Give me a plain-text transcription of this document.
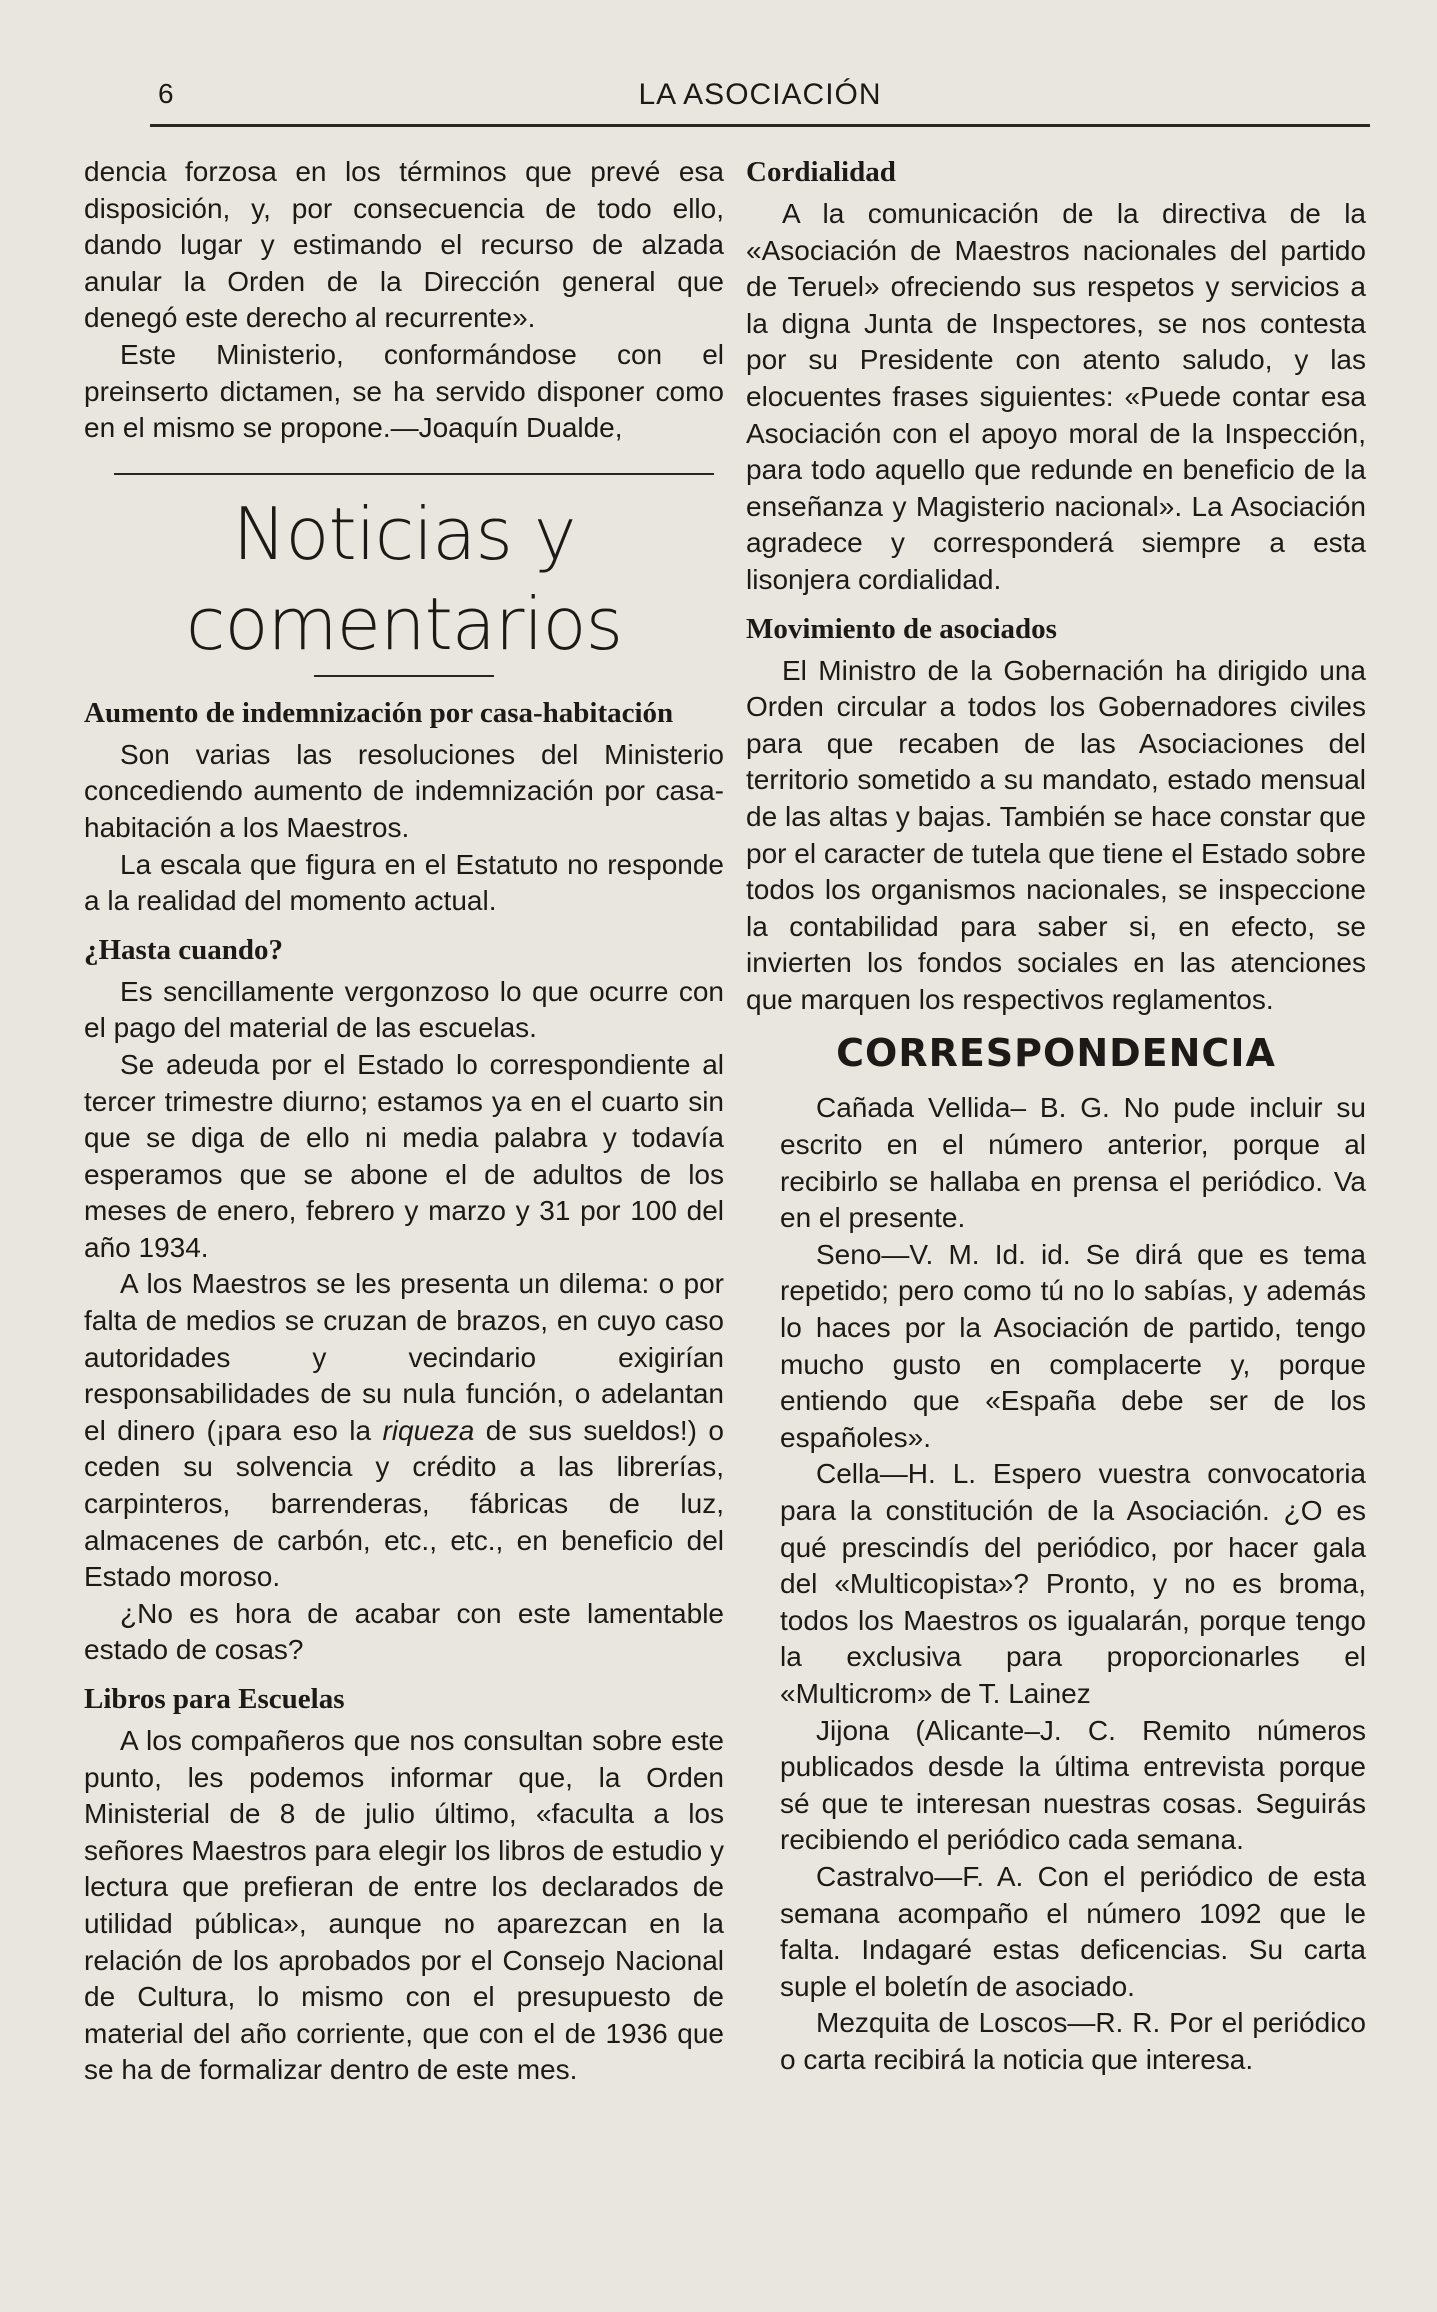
6	LA ASOCIACIÓN

dencia forzosa en los términos que prevé esa disposición, y, por consecuencia de todo ello, dando lugar y estimando el recurso de alzada anular la Orden de la Dirección general que denegó este derecho al recurrente».

Este Ministerio, conformándose con el preinserto dictamen, se ha servido disponer como en el mismo se propone.—Joaquín Dualde,

Noticias y comentarios
Aumento de indemnización por casa-habitación

Son varias las resoluciones del Ministerio concediendo aumento de indemnización por casa-habitación a los Maestros.

La escala que figura en el Estatuto no responde a la realidad del momento actual.

¿Hasta cuando?

Es sencillamente vergonzoso lo que ocurre con el pago del material de las escuelas.

Se adeuda por el Estado lo correspondiente al tercer trimestre diurno; estamos ya en el cuarto sin que se diga de ello ni media palabra y todavía esperamos que se abone el de adultos de los meses de enero, febrero y marzo y 31 por 100 del año 1934.

A los Maestros se les presenta un dilema: o por falta de medios se cruzan de brazos, en cuyo caso autoridades y vecindario exigirían responsabilidades de su nula función, o adelantan el dinero (¡para eso la riqueza de sus sueldos!) o ceden su solvencia y crédito a las librerías, carpinteros, barrenderas, fábricas de luz, almacenes de carbón, etc., etc., en beneficio del Estado moroso.

¿No es hora de acabar con este lamentable estado de cosas?

Libros para Escuelas

A los compañeros que nos consultan sobre este punto, les podemos informar que, la Orden Ministerial de 8 de julio último, «faculta a los señores Maestros para elegir los libros de estudio y lectura que prefieran de entre los declarados de utilidad pública», aunque no aparezcan en la relación de los aprobados por el Consejo Nacional de Cultura, lo mismo con el presupuesto de material del año corriente, que con el de 1936 que se ha de formalizar dentro de este mes.

Cordialidad

A la comunicación de la directiva de la «Asociación de Maestros nacionales del partido de Teruel» ofreciendo sus respetos y servicios a la digna Junta de Inspectores, se nos contesta por su Presidente con atento saludo, y las elocuentes frases siguientes: «Puede contar esa Asociación con el apoyo moral de la Inspección, para todo aquello que redunde en beneficio de la enseñanza y Magisterio nacional». La Asociación agradece y corresponderá siempre a esta lisonjera cordialidad.

Movimiento de asociados

El Ministro de la Gobernación ha dirigido una Orden circular a todos los Gobernadores civiles para que recaben de las Asociaciones del territorio sometido a su mandato, estado mensual de las altas y bajas. También se hace constar que por el caracter de tutela que tiene el Estado sobre todos los organismos nacionales, se inspeccione la contabilidad para saber si, en efecto, se invierten los fondos sociales en las atenciones que marquen los respectivos reglamentos.

CORRESPONDENCIA

Cañada Vellida– B. G. No pude incluir su escrito en el número anterior, porque al recibirlo se hallaba en prensa el periódico. Va en el presente.

Seno—V. M. Id. id. Se dirá que es tema repetido; pero como tú no lo sabías, y además lo haces por la Asociación de partido, tengo mucho gusto en complacerte y, porque entiendo que «España debe ser de los españoles».

Cella—H. L. Espero vuestra convocatoria para la constitución de la Asociación. ¿O es qué prescindís del periódico, por hacer gala del «Multicopista»? Pronto, y no es broma, todos los Maestros os igualarán, porque tengo la exclusiva para proporcionarles el «Multicrom» de T. Lainez

Jijona (Alicante–J. C. Remito números publicados desde la última entrevista porque sé que te interesan nuestras cosas. Seguirás recibiendo el periódico cada semana.

Castralvo—F. A. Con el periódico de esta semana acompaño el número 1092 que le falta. Indagaré estas deficencias. Su carta suple el boletín de asociado.

Mezquita de Loscos—R. R. Por el periódico o carta recibirá la noticia que interesa.
